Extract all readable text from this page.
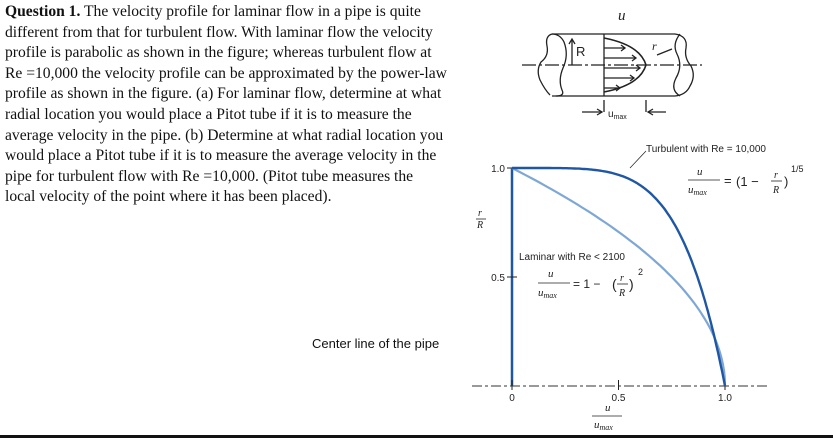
Question 1. The velocity profile for laminar flow in a pipe is quite different from that for turbulent flow. With laminar flow the velocity profile is parabolic as shown in the figure; whereas turbulent flow at Re =10,000 the velocity profile can be approximated by the power-law profile as shown in the figure. (a) For laminar flow, determine at what radial location you would place a Pitot tube if it is to measure the average velocity in the pipe. (b) Determine at what radial location you would place a Pitot tube if it is to measure the average velocity in the pipe for turbulent flow with Re =10,000. (Pitot tube measures the local velocity of the point where it has been placed).

Center line of the pipe
u
R	r
$u_{max}$
0	0.5	1.0
0.5
1.0
r
R
u
umax
Turbulent with Re = 10,000
u
umax
= (1 − r
R
)
1/5
Laminar with Re < 2100
u
umax
= 1 − ( r
R
)
2
